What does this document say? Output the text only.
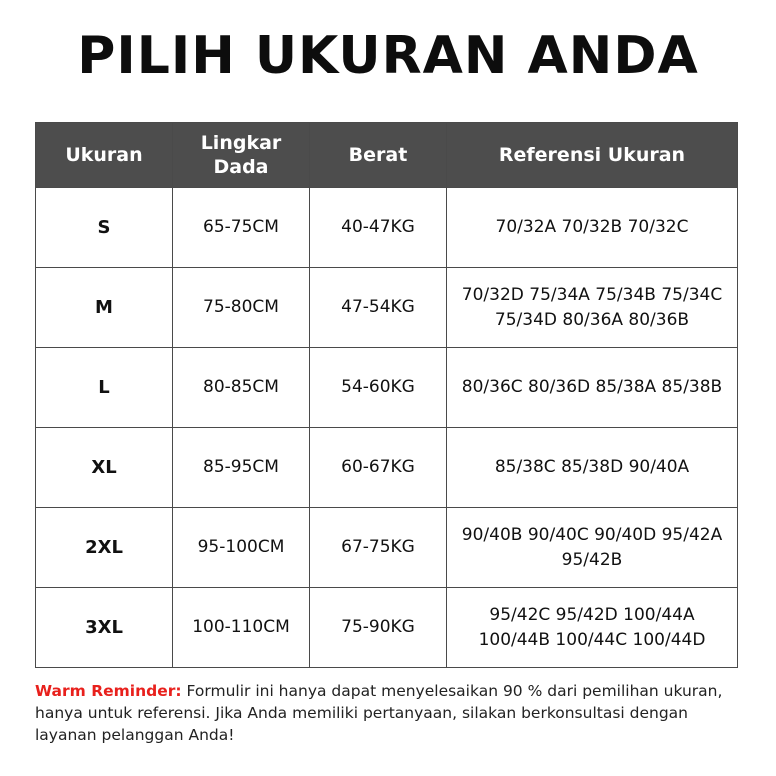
PILIH UKURAN ANDA
Ukuran	Lingkar Dada	Berat	Referensi Ukuran
S	65-75CM	40-47KG	70/32A 70/32B 70/32C
M	75-80CM	47-54KG	70/32D 75/34A 75/34B 75/34C 75/34D 80/36A 80/36B
L	80-85CM	54-60KG	80/36C 80/36D 85/38A 85/38B
XL	85-95CM	60-67KG	85/38C 85/38D 90/40A
2XL	95-100CM	67-75KG	90/40B 90/40C 90/40D 95/42A 95/42B
3XL	100-110CM	75-90KG	95/42C 95/42D 100/44A 100/44B 100/44C 100/44D
Warm Reminder: Formulir ini hanya dapat menyelesaikan 90 % dari pemilihan ukuran, hanya untuk referensi. Jika Anda memiliki pertanyaan, silakan berkonsultasi dengan layanan pelanggan Anda!
